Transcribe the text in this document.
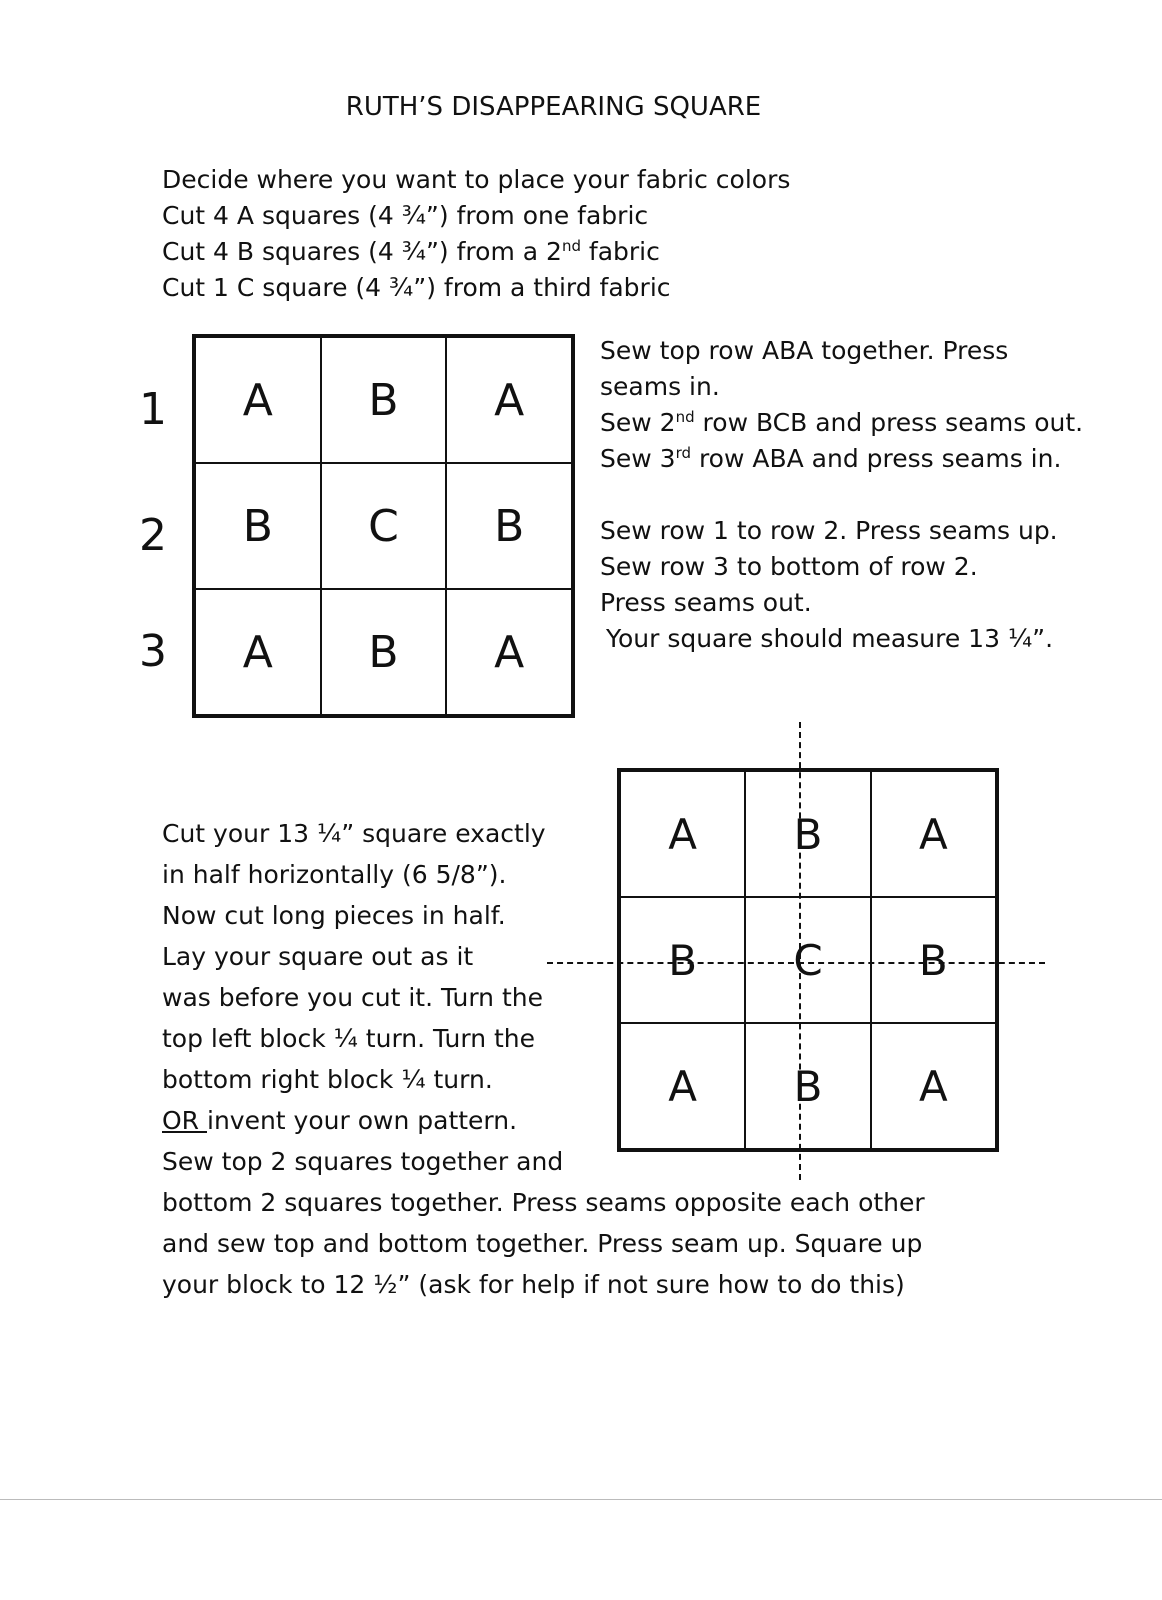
RUTH’S DISAPPEARING SQUARE
Decide where you want to place your fabric colors
Cut 4 A squares (4 ¾”) from one fabric
Cut 4 B squares (4 ¾”) from a 2nd fabric
Cut 1 C square (4 ¾”) from a third fabric
1
2
3
A	B	A
B	C	B
A	B	A
Sew top row ABA together. Press
seams in.
Sew 2nd row BCB and press seams out.
Sew 3rd row ABA and press seams in.
Sew row 1 to row 2. Press seams up.
Sew row 3 to bottom of row 2.
Press seams out.
Your square should measure 13 ¼”.
A	B	A
B	C	B
A	B	A
Cut your 13 ¼” square exactly
in half horizontally (6 5/8”).
Now cut long pieces in half.
Lay your square out as it
was before you cut it. Turn the
top left block ¼ turn. Turn the
bottom right block ¼ turn.
OR invent your own pattern.
Sew top 2 squares together and
bottom 2 squares together. Press seams opposite each other
and sew top and bottom together. Press seam up. Square up
your block to 12 ½” (ask for help if not sure how to do this)
